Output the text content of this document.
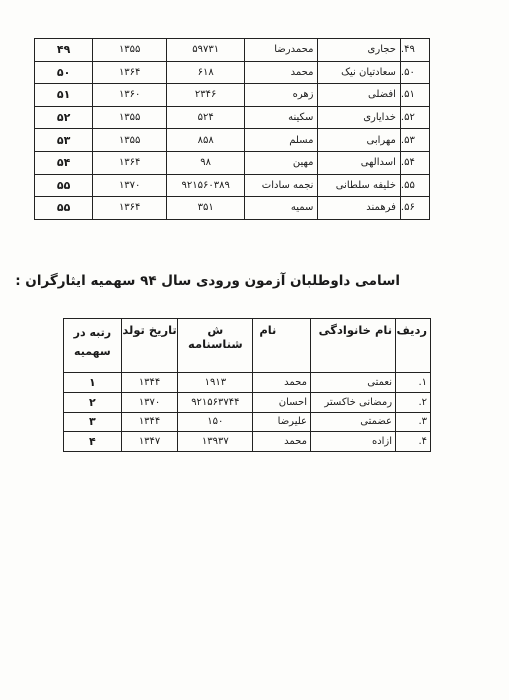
۴۹.	حجاری	محمدرضا	۵۹۷۳۱	۱۳۵۵	۴۹
۵۰.	سعادتیان نیک	محمد	۶۱۸	۱۳۶۴	۵۰
۵۱.	افضلی	زهره	۲۳۴۶	۱۳۶۰	۵۱
۵۲.	خدایاری	سکینه	۵۲۴	۱۳۵۵	۵۲
۵۳.	مهرابی	مسلم	۸۵۸	۱۳۵۵	۵۳
۵۴.	اسدالهی	مهین	۹۸	۱۳۶۴	۵۴
۵۵.	خلیفه سلطانی	نجمه سادات	۹۲۱۵۶۰۳۸۹	۱۳۷۰	۵۵
۵۶.	فرهمند	سمیه	۳۵۱	۱۳۶۴	۵۵
اسامی داوطلبان آزمون ورودی سال ۹۴ سهمیه ایثارگران :
ردیف	نام خانوادگی	نام	ش شناسنامه	تاریخ تولد	رتبه در سهمیه
۱.	نعمتی	محمد	۱۹۱۳	۱۳۴۴	۱
۲.	رمضانی خاکستر	احسان	۹۲۱۵۶۳۷۴۴	۱۳۷۰	۲
۳.	عضمتی	علیرضا	۱۵۰	۱۳۴۴	۳
۴.	ازاده	محمد	۱۳۹۳۷	۱۳۴۷	۴
